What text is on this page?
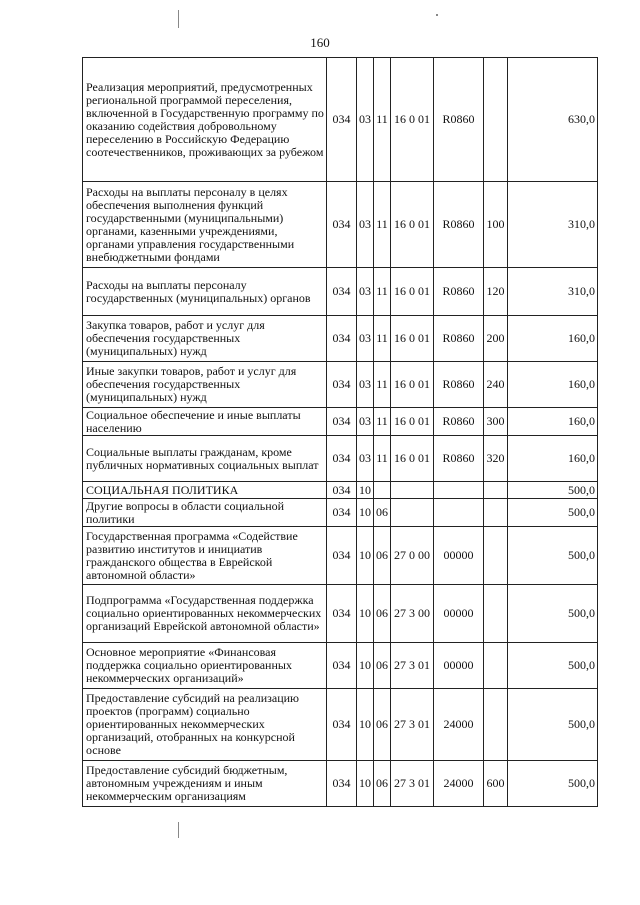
160
Реализация мероприятий, предусмотренных региональной программой переселения, включенной в Государственную программу по оказанию содействия добровольному переселению в Российскую Федерацию соотечественников, проживающих за рубежом	034	03	11	16 0 01	R0860		630,0
Расходы на выплаты персоналу в целях обеспечения выполнения функций государственными (муниципальными) органами, казенными учреждениями, органами управления государственными внебюджетными фондами	034	03	11	16 0 01	R0860	100	310,0
Расходы на выплаты персоналу государственных (муниципальных) органов	034	03	11	16 0 01	R0860	120	310,0
Закупка товаров, работ и услуг для обеспечения государственных (муниципальных) нужд	034	03	11	16 0 01	R0860	200	160,0
Иные закупки товаров, работ и услуг для обеспечения государственных (муниципальных) нужд	034	03	11	16 0 01	R0860	240	160,0
Социальное обеспечение и иные выплаты населению	034	03	11	16 0 01	R0860	300	160,0
Социальные выплаты гражданам, кроме публичных нормативных социальных выплат	034	03	11	16 0 01	R0860	320	160,0
СОЦИАЛЬНАЯ ПОЛИТИКА	034	10					500,0
Другие вопросы в области социальной политики	034	10	06				500,0
Государственная программа «Содействие развитию институтов и инициатив гражданского общества в Еврейской автономной области»	034	10	06	27 0 00	00000		500,0
Подпрограмма «Государственная поддержка социально ориентированных некоммерческих организаций Еврейской автономной области»	034	10	06	27 3 00	00000		500,0
Основное мероприятие «Финансовая поддержка социально ориентированных некоммерческих организаций»	034	10	06	27 3 01	00000		500,0
Предоставление субсидий на реализацию проектов (программ) социально ориентированных некоммерческих организаций, отобранных на конкурсной основе	034	10	06	27 3 01	24000		500,0
Предоставление субсидий бюджетным, автономным учреждениям и иным некоммерческим организациям	034	10	06	27 3 01	24000	600	500,0
